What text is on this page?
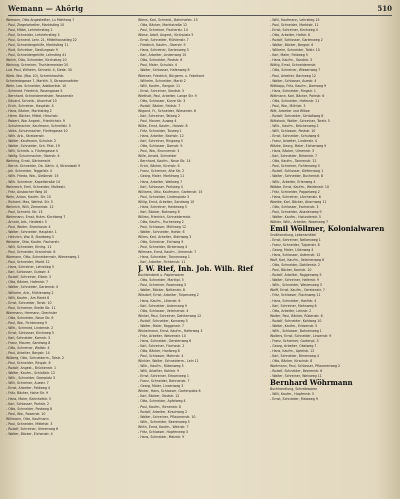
Wemann — Ahörig	510
Wemann, Otto Angestellter, Lu Miethorg 7
- Paul, Ziegelarbeiter, Marktstieg 10
- Paul, Mittel, Lehrlehrstieg 1
- Paul, Schneider, Lehrlehrstieg 3
- Paul, Schneid. Lehr. 21, Mittelhausstieg 22
- Paul, Schneidergehilfe, Marktstieg 11
- Rudi, Schreiber, Siedlungsstr 9
- Paul, Schneidergehilfe, Lehrstieg 41
Weinh, Otto, Schneider, Kirchstieg 10
Weining, Schreiner, Tischlermeister 20
Lud. Paul, Wilhelm, Schneid. 4, Siede. 30
Wieb. Ww. (Ww. 10), Schreinhaufstr.
Schmiedegasse 7, Markth. 5, Strassenwärter
Wehr, Leo. Schneider, Adalbertstr. 10
- Schmied. Friedrich, Rosengasse 5
- Bernhard, Schneidermeister, Fasanenstr
- Eduard, Schreib., Ahornhof 10
- Erich, Schreiner, Hauptstr. 4
- Hans, Bäcker, Marktstieg 2
- Herm. Bäcker, Mittel, Hirschstr.
- Robert, Ww. Angest., Friedrichstr. 9
- Schuhmacher, Kaufmann, Schnellstr. 5
- Volks. Schuhmacher, Fünfergasse 10
- Wilh. Arb., Stratzenstr.
- Walter, Kaufmann, Schulstr. 2
- Walter, Schneider, Sch. Fitzt. 19
- Willi, Schreib. u. Fünfergasse 4
- Wolfg. Schuhmacher, Oberstr. 4
Wehring, Ernst, Gärtnerwirt
- Bernh. Schneider, Ob. Gärtn. 4, Strandwall 9
- Joh. Schneider, Teggelstr. 4
- Wilh. Frieda, Ww., Gießerstr. 15
- Wilh. Schreiner, Kapellstraße 14
Weinreich, Emil, Schneider, Molkestr.
- Fritz, Ansbacher Weg 10
Wehr, Anton, Kaufm. Str. 15
- Richard, Max, Werkst. Str. 5
Weinrich, Willi, Zementstr. 12
- Paul, Schneid. Str. 13
Wehrmann, Ernst, Hutm. Kirchberg 7
- Arnold, Arb., Heidestr. 5
- Paul, Walter, Eisenhauer 4
- Walter, Schneider, Hauptstr. 1
- Heinrich, Ww. 8, Stadtweg 3
Weiseler, Otto, Kaufm. Fischerstr.
- Willi, Schneider, Kirchg. 11
- Paul, Schneider, Kranichstr. 6
Wiemann, Otto, Schneidermstr, Wiesenweg 1
- Paul, Schneider, Markt 12
- Hans, Schreiner, Lehrstieg 5
- Karl, Schlosser, Gutsstr. 4
- Rudolf, Schreiner, Elbstr. 3
- Otto, Bäcker, Hafenstr. 7
- Walter, Schneider, Gartenstr. 4
- Wilhelm, Arb., Mühlenweg 2
- Willi, Kaufm., Am Markt 8
- Ernst, Schneider, Torstr. 10
- Paul, Schreiner, Breite Str. 11
Wiermann, Hermann, Drechsler
- Otto, Schneider, Neue Str. 6
- Paul, Ww., Fichtenweg 9
- Wilh., Schmied, Lindenstr. 2
- Ernst, Schlosser, Kirchweg 5
- Karl, Schneider, Kornstr. 3
- Franz, Maurer, Sandweg 8
- Otto, Schreiner, Wallstr. 4
- Paul, Arbeiter, Bergstr. 14
Wilberg, Otto, Schneiderm., Talstr. 2
- Paul, Schneider, Ringstr. 6
- Rudolf, Angest., Brückenstr. 1
- Walter, Kaufm., Schloßstr. 12
- Wilh., Schneider, Domplatz 3
- Willi, Schreiner, Auestr. 7
- Ernst, Arbeiter, Feldweg 4
- Fritz, Bäcker, Hohe Str. 9
- Hans, Maler, Bahnhofstr. 5
- Karl, Schlosser, Parkstr. 2
- Otto, Schneider, Postweg 8
- Paul, Ww., Rosenstr. 10
Willmann, Otto, Kaufmann
- Paul, Schneider, Mittelstr. 3
- Rudolf, Schreiner, Ulmenweg 6
- Walter, Bäcker, Eichenstr. 4
Wiens, Karl, Schneid., Bahnhofstr. 15
- Otto, Bäcker, Marktstraße 12
- Paul, Schreiner, Fischerstr. 14
Wiese, Adolf, Angest., Kirchplatz 5
- Ernst, Schneider, Mühlenstr. 7
- Friedrich, Kaufm., Oberstr. 9
- Hans, Schreiner, Gartenweg 3
- Karl, Arbeiter, Lindenweg 10
- Otto, Schneider, Poststr. 6
- Paul, Maler, Schulstr. 4
- Walter, Schlosser, Hafenweg 8
Wiesner, Friedrich, Bürgerm. u. Fabrikant
- Wilhelm, Schneider, Markt 2
- Willi, Kaufm., Bergstr. 11
- Ernst, Schreiner, Sandstr. 5
Wietholt, Paul, Arbeiter, Lange Str. 9
- Otto, Schlosser, Kurze Str. 3
- Rudolf, Bäcker, Feldstr. 7
Wigand, Fr., Schneider, Wiesenstr. 6
- Karl, Schreiner, Talweg 2
- Paul, Maurer, Auweg 4
Wilke, Ernst, Kaufm., Holzstr. 8
- Fritz, Schneider, Torweg 1
- Hans, Arbeiter, Bachstr. 12
- Karl, Schreiner, Ringweg 5
- Otto, Schlosser, Domstr. 9
- Paul, Ww., Brunnenstr. 3
Wille, Arnold, Schneider
- Bernhard, Kaufm., Neue Str. 14
- Erich, Bäcker, Kirchstr. 6
- Franz, Schreiner, Alte Str. 2
- Georg, Maler, Marktweg 11
- Hans, Arbeiter, Wallweg 7
- Karl, Schlosser, Parkweg 4
Williams, Otto, Kaufmann, Gartenstr. 15
- Paul, Schneider, Lindenplatz 3
Willig, Ernst, Arbeiter, Sandweg 10
- Hans, Schreiner, Heideweg 5
- Karl, Bäcker, Bahnweg 8
Willms, Friedrich, Schneidermstr.
- Otto, Kaufm., Fischerweg 2
- Paul, Schlosser, Mühlweg 12
- Walter, Schneider, Hofstr. 6
Wilms, Karl, Arbeiter, Steinweg 3
- Otto, Schreiner, Eichweg 9
- Paul, Schneider, Birkenweg 4
Wilmsen, Ernst, Kaufm., Ulmenstr. 7
- Hans, Schneider, Tannenweg 1
- Karl, Arbeiter, Fichtenstr. 11
J. W. Rief, Inh. Joh. Wilh. Rief
Buchbinderei u. Papierwaren
- Otto, Schneider, Marktpl. 5
- Paul, Schreiner, Rosenweg 3
- Walter, Bäcker, Nelkenstr. 8
Wilsdorf, Ernst, Arbeiter, Tulpenweg 2
- Hans, Kaufm., Lilienstr. 6
- Karl, Schneider, Asternweg 9
- Otto, Schlosser, Veilchenstr. 4
Winkel, Paul, Schreiner, Dahlienweg 12
- Rudolf, Schneider, Kornweg 5
- Walter, Maler, Roggenstr. 7
Winkelmann, Ernst, Kaufm., Haferweg 3
- Fritz, Arbeiter, Weizenstr. 10
- Hans, Schneider, Gerstenweg 6
- Karl, Schreiner, Flachsstr. 2
- Otto, Bäcker, Hanfweg 8
- Paul, Schlosser, Mohnstr. 4
Winkler, Walter, Schneiderm., Lein 11
- Wilh., Kaufm., Rübenweg 5
- Willi, Arbeiter, Kohlstr. 9
- Ernst, Schreiner, Erbsenweg 1
- Franz, Schneider, Bohnenstr. 7
- Georg, Maler, Linsenweg 3
Winter, Hans, Schlosser, Gartenplatz 6
- Karl, Bäcker, Obststr. 12
- Otto, Schneider, Apfelweg 4
- Paul, Kaufm., Birnenstr. 8
- Rudolf, Arbeiter, Kirschweg 2
- Walter, Schreiner, Pflaumenstr. 10
- Wilh., Schneider, Beerenweg 5
Wirth, Ernst, Kaufm., Weinstr. 7
- Fritz, Schlosser, Hopfenweg 3
- Hans, Schneider, Malzstr. 9
- Willi, Kaufmann, Lehrstieg 15
- Paul, Schneider, Marktstr. 11
- Ernst, Schreiner, Kirchweg 4
- Otto, Arbeiter, Hofstr. 8
- Rudolf, Schlosser, Gartenweg 2
- Walter, Bäcker, Bergstr. 6
- Wilhelm, Schneider, Talstr. 10
- Karl, Maler, Feldweg 5
- Hans, Kaufm., Sandstr. 3
Wittig, Ernst, Schneidermstr.
- Otto, Schreiner, Wiesenweg 7
- Paul, Arbeiter, Bachweg 12
- Walter, Schlosser, Auestr. 4
Wittkopp, Fritz, Kaufm., Domweg 9
- Hans, Schneider, Ringstr. 1
Wittmann, Karl, Bäcker, Parkstr. 6
- Otto, Schneider, Hafenstr. 11
- Paul, Ww., Mühlstr. 3
Witt, Arbeiter und Witwe
- Rudolf, Schneider, Schloßweg 8
Wittstock, Walter, Schreiner, Torstr. 5
- Wilh., Kaufm., Brückenweg 2
- Willi, Schlosser, Poststr. 10
- Ernst, Schneider, Schulweg 6
- Franz, Arbeiter, Lindenstr. 4
Witzke, Georg, Maler, Eichenweg 9
- Hans, Bäcker, Ulmenstr. 3
- Karl, Schneider, Birkenstr. 7
- Otto, Kaufm., Tannenstr. 12
- Paul, Schreiner, Fichtenweg 5
- Rudolf, Schlosser, Kiefernweg 1
- Walter, Schneider, Buchenstr. 8
- Wilh., Arbeiter, Erlenweg 4
Wöbbe, Ernst, Kaufm., Weidenstr. 10
- Fritz, Schneider, Pappelweg 2
- Hans, Schreiner, Lärchenstr. 6
Woelke, Karl, Bäcker, Ahornweg 11
- Otto, Schlosser, Eschenstr. 3
- Paul, Schneider, Akazienweg 9
- Walter, Kaufm., Holunderstr. 5
Wöhler, Wilh., Arbeiter, Rosenweg 7
Emil Wöllmer, Kolonialwaren
Großhandlung, Lebensmittel
- Ernst, Schreiner, Nelkenweg 1
- Franz, Schneider, Tulpenstr. 8
- Georg, Maler, Lilienweg 4
- Hans, Schlosser, Asternstr. 12
Wolf, Karl, Kaufm., Veilchenweg 6
- Otto, Schneider, Dahlienstr. 2
- Paul, Bäcker, Kornstr. 10
- Rudolf, Arbeiter, Roggenweg 5
- Walter, Schreiner, Haferstr. 9
- Wilh., Schneider, Weizenweg 3
Wolff, Ernst, Kaufm., Gerstenstr. 7
- Fritz, Schlosser, Flachsweg 11
- Hans, Schneider, Hanfstr. 4
- Karl, Schreiner, Mohnweg 8
- Otto, Arbeiter, Leinstr. 2
Wolter, Paul, Bäcker, Rübenstr. 6
- Rudolf, Schneider, Kohlweg 10
- Walter, Kaufm., Erbsenstr. 5
- Wilh., Schlosser, Bohnenweg 1
Wolters, Ernst, Schneider, Linsenstr. 9
- Franz, Schreiner, Gartenpl. 3
- Georg, Arbeiter, Obstweg 7
- Hans, Kaufm., Apfelstr. 12
- Karl, Schneider, Birnenweg 4
- Otto, Bäcker, Kirschstr. 8
Wortmann, Paul, Schlosser, Pflaumenweg 2
- Rudolf, Schneider, Beerenstr. 6
- Walter, Schreiner, Weinweg 11
Bernhard Wöhrmann
Buchhandlung, Schreibwaren
- Willi, Kaufm., Hopfenstr. 5
- Ernst, Schneider, Malzweg 9
